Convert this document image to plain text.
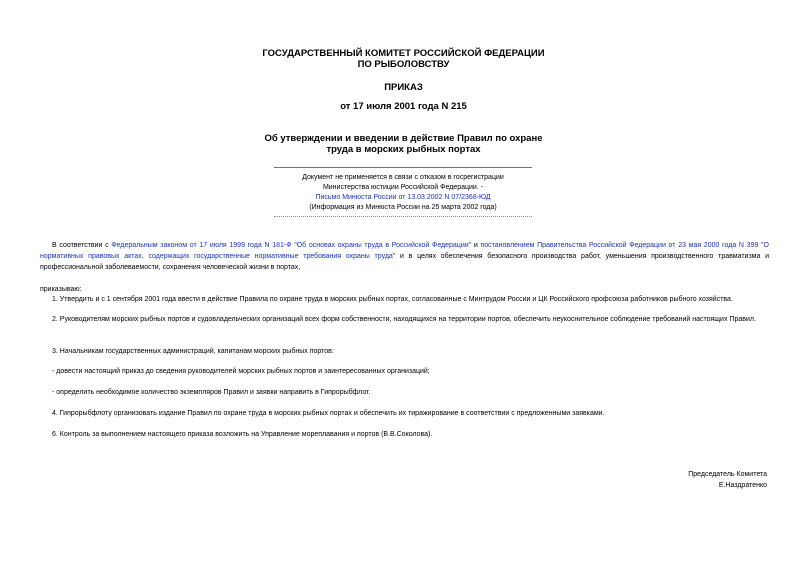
ГОСУДАРСТВЕННЫЙ КОМИТЕТ РОССИЙСКОЙ ФЕДЕРАЦИИ
ПО РЫБОЛОВСТВУ
ПРИКАЗ
от 17 июля 2001 года N 215
Об утверждении и введении в действие Правил по охране
труда в морских рыбных портах
Документ не применяется в связи с отказом в госрегистрации
Министерства юстиции Российской Федерации. -
Письмо Минюста России от 13.03.2002 N 07/2368-ЮД
(Информация из Минюста России на 25 марта 2002 года)
В соответствии с Федеральным законом от 17 июля 1999 года N 181-Ф "Об основах охраны труда в Российской Федерации" и постановлением Правительства Российской Федерации от 23 мая 2000 года N 399 "О нормативных правовых актах, содержащих государственные нормативные требования охраны труда" и в целях обеспечения безопасного производства работ, уменьшения производственного травматизма и профессиональной заболеваемости, сохранения человеческой жизни в портах,
приказываю:
1. Утвердить и с 1 сентября 2001 года ввести в действие Правила по охране труда в морских рыбных портах, согласованные с Минтрудом России и ЦК Российского профсоюза работников рыбного хозяйства.
2. Руководителям морских рыбных портов и судовладельческих организаций всех форм собственности, находящихся на территории портов, обеспечить неукоснительное соблюдение требований настоящих Правил.
3. Начальникам государственных администраций, капитанам морских рыбных портов:
- довести настоящий приказ до сведения руководителей морских рыбных портов и заинтересованных организаций;
- определить необходимое количество экземпляров Правил и заявки направить в Гипрорыбфлот.
4. Гипрорыбфлоту организовать издание Правил по охране труда в морских рыбных портах и обеспечить их тиражирование в соответствии с предложенными заявками.
6. Контроль за выполнением настоящего приказа возложить на Управление мореплавания и портов (В.В.Соколова).
Председатель Комитета
Е.Наздратенко
